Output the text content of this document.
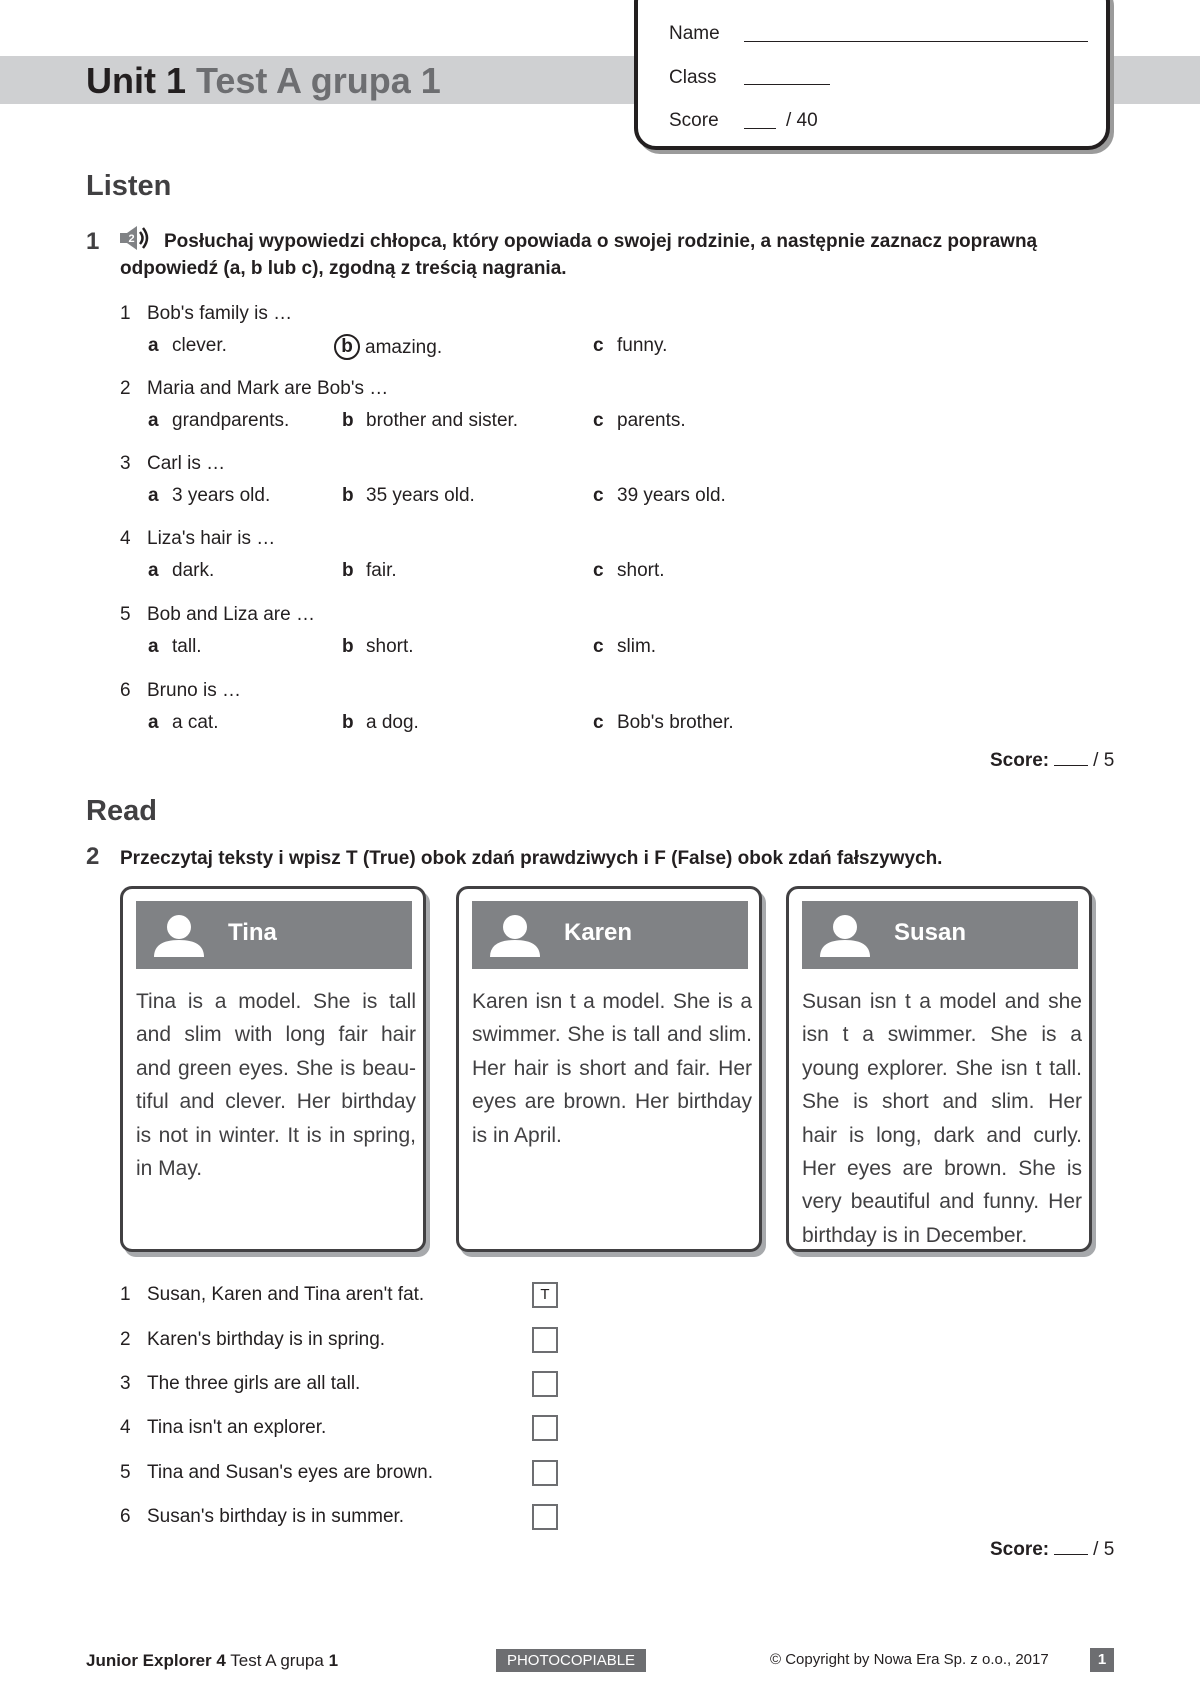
Unit 1 Test A grupa 1
Name
Class
Score	/ 40
Listen
1	2	Posłuchaj wypowiedzi chłopca, który opowiada o swojej rodzinie, a następnie zaznacz poprawną odpowiedź (a, b lub c), zgodną z treścią nagrania.
1 Bob's family is …
a clever.	b amazing.	c funny.
2 Maria and Mark are Bob's …
a grandparents.	b brother and sister.	c parents.
3 Carl is …
a 3 years old.	b 35 years old.	c 39 years old.
4 Liza's hair is …
a dark.	b fair.	c short.
5 Bob and Liza are …
a tall.	b short.	c slim.
6 Bruno is …
a a cat.	b a dog.	c Bob's brother.
Score: / 5
Read
2 Przeczytaj teksty i wpisz T (True) obok zdań prawdziwych i F (False) obok zdań fałszywych.
Tina
Tina is a model. She is tall and slim with long fair hair and green eyes. She is beau-tiful and clever. Her birthday is not in winter. It is in spring, in May.
Karen
Karen isn t a model. She is a swimmer. She is tall and slim. Her hair is short and fair. Her eyes are brown. Her birthday is in April.
Susan
Susan isn t a model and she isn t a swimmer. She is a young explorer. She isn t tall. She is short and slim. Her hair is long, dark and curly. Her eyes are brown. She is very beautiful and funny. Her birthday is in December.
1 Susan, Karen and Tina aren't fat.	T
2 Karen's birthday is in spring.
3 The three girls are all tall.
4 Tina isn't an explorer.
5 Tina and Susan's eyes are brown.
6 Susan's birthday is in summer.
Score: / 5
Junior Explorer 4 Test A grupa 1	PHOTOCOPIABLE	© Copyright by Nowa Era Sp. z o.o., 2017	1
